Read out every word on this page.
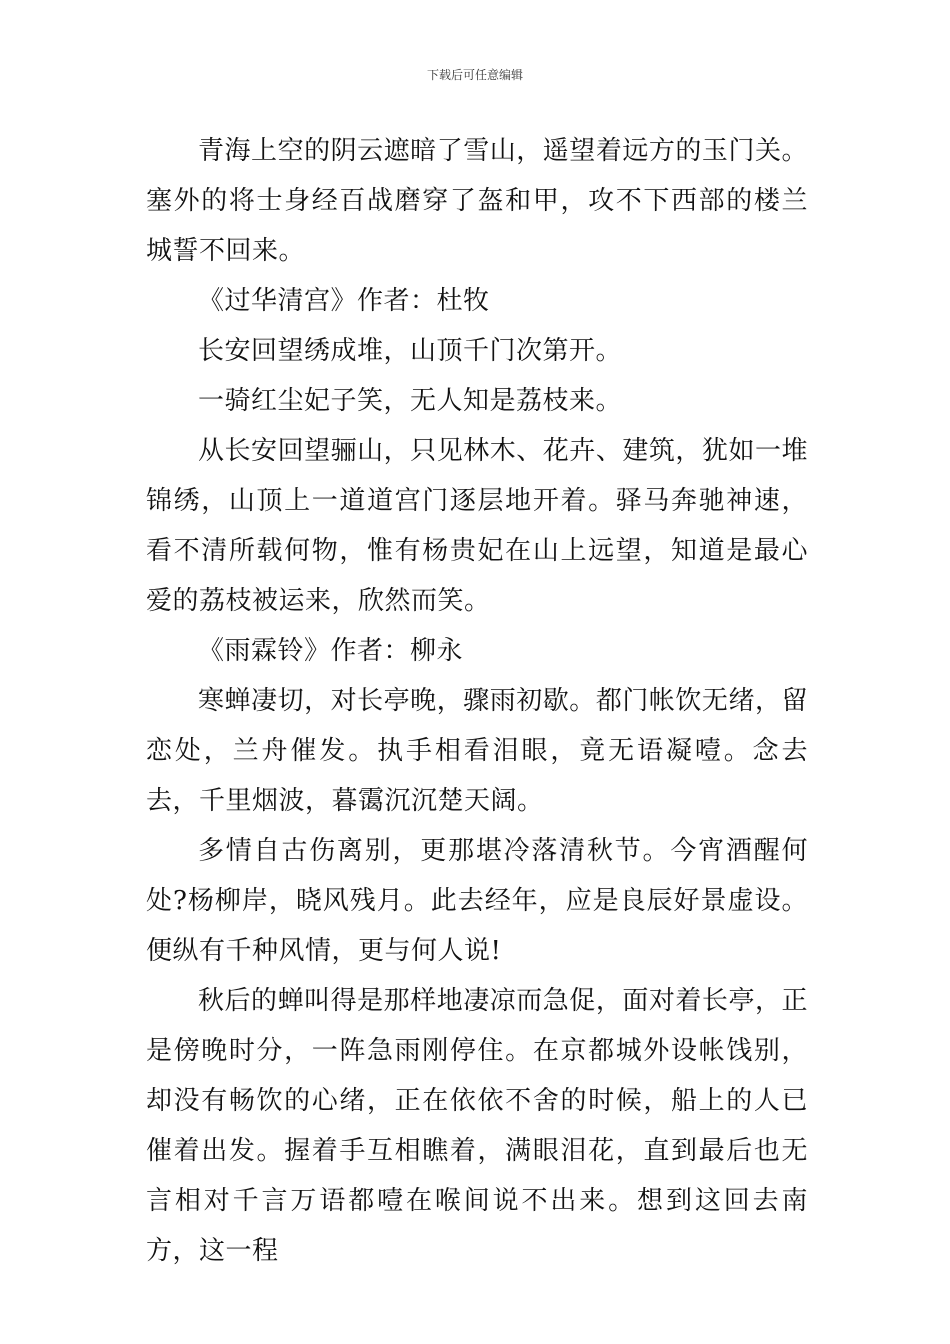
下载后可任意编辑

青海上空的阴云遮暗了雪山，遥望着远方的玉门关。塞外的将士身经百战磨穿了盔和甲，攻不下西部的楼兰城誓不回来。

《过华清宫》作者：杜牧

长安回望绣成堆，山顶千门次第开。

一骑红尘妃子笑，无人知是荔枝来。

从长安回望骊山，只见林木、花卉、建筑，犹如一堆锦绣，山顶上一道道宫门逐层地开着。驿马奔驰神速，看不清所载何物，惟有杨贵妃在山上远望，知道是最心爱的荔枝被运来，欣然而笑。

《雨霖铃》作者：柳永

寒蝉凄切，对长亭晚，骤雨初歇。都门帐饮无绪，留恋处，兰舟催发。执手相看泪眼，竟无语凝噎。念去去，千里烟波，暮霭沉沉楚天阔。

多情自古伤离别，更那堪冷落清秋节。今宵酒醒何处?杨柳岸，晓风残月。此去经年，应是良辰好景虚设。便纵有千种风情，更与何人说!

秋后的蝉叫得是那样地凄凉而急促，面对着长亭，正是傍晚时分，一阵急雨刚停住。在京都城外设帐饯别，却没有畅饮的心绪，正在依依不舍的时候，船上的人已催着出发。握着手互相瞧着，满眼泪花，直到最后也无言相对千言万语都噎在喉间说不出来。想到这回去南方，这一程
